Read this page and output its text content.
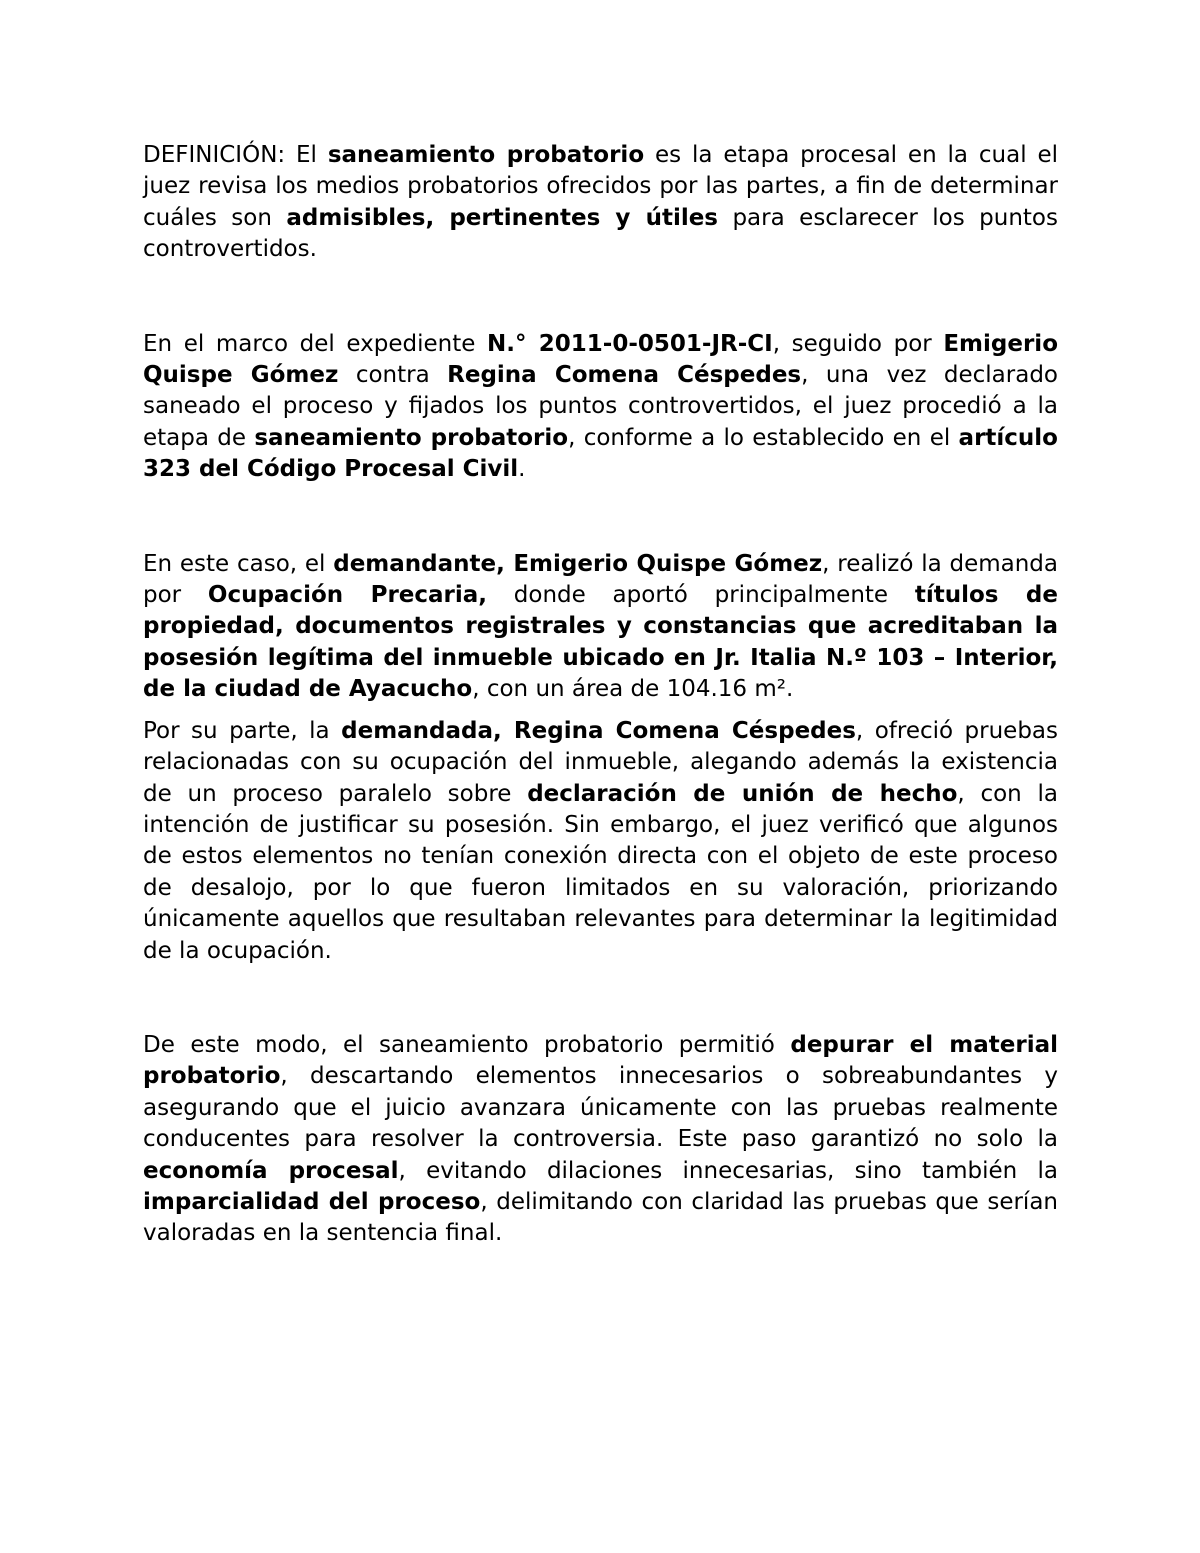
DEFINICIÓN: El saneamiento probatorio es la etapa procesal en la cual el juez revisa los medios probatorios ofrecidos por las partes, a fin de determinar cuáles son admisibles, pertinentes y útiles para esclarecer los puntos controvertidos.

En el marco del expediente N.° 2011-0-0501-JR-CI, seguido por Emigerio Quispe Gómez contra Regina Comena Céspedes, una vez declarado saneado el proceso y fijados los puntos controvertidos, el juez procedió a la etapa de saneamiento probatorio, conforme a lo establecido en el artículo 323 del Código Procesal Civil.

En este caso, el demandante, Emigerio Quispe Gómez, realizó la demanda por Ocupación Precaria, donde aportó principalmente títulos de propiedad, documentos registrales y constancias que acreditaban la posesión legítima del inmueble ubicado en Jr. Italia N.º 103 – Interior, de la ciudad de Ayacucho, con un área de 104.16 m².

Por su parte, la demandada, Regina Comena Céspedes, ofreció pruebas relacionadas con su ocupación del inmueble, alegando además la existencia de un proceso paralelo sobre declaración de unión de hecho, con la intención de justificar su posesión. Sin embargo, el juez verificó que algunos de estos elementos no tenían conexión directa con el objeto de este proceso de desalojo, por lo que fueron limitados en su valoración, priorizando únicamente aquellos que resultaban relevantes para determinar la legitimidad de la ocupación.

De este modo, el saneamiento probatorio permitió depurar el material probatorio, descartando elementos innecesarios o sobreabundantes y asegurando que el juicio avanzara únicamente con las pruebas realmente conducentes para resolver la controversia. Este paso garantizó no solo la economía procesal, evitando dilaciones innecesarias, sino también la imparcialidad del proceso, delimitando con claridad las pruebas que serían valoradas en la sentencia final.
